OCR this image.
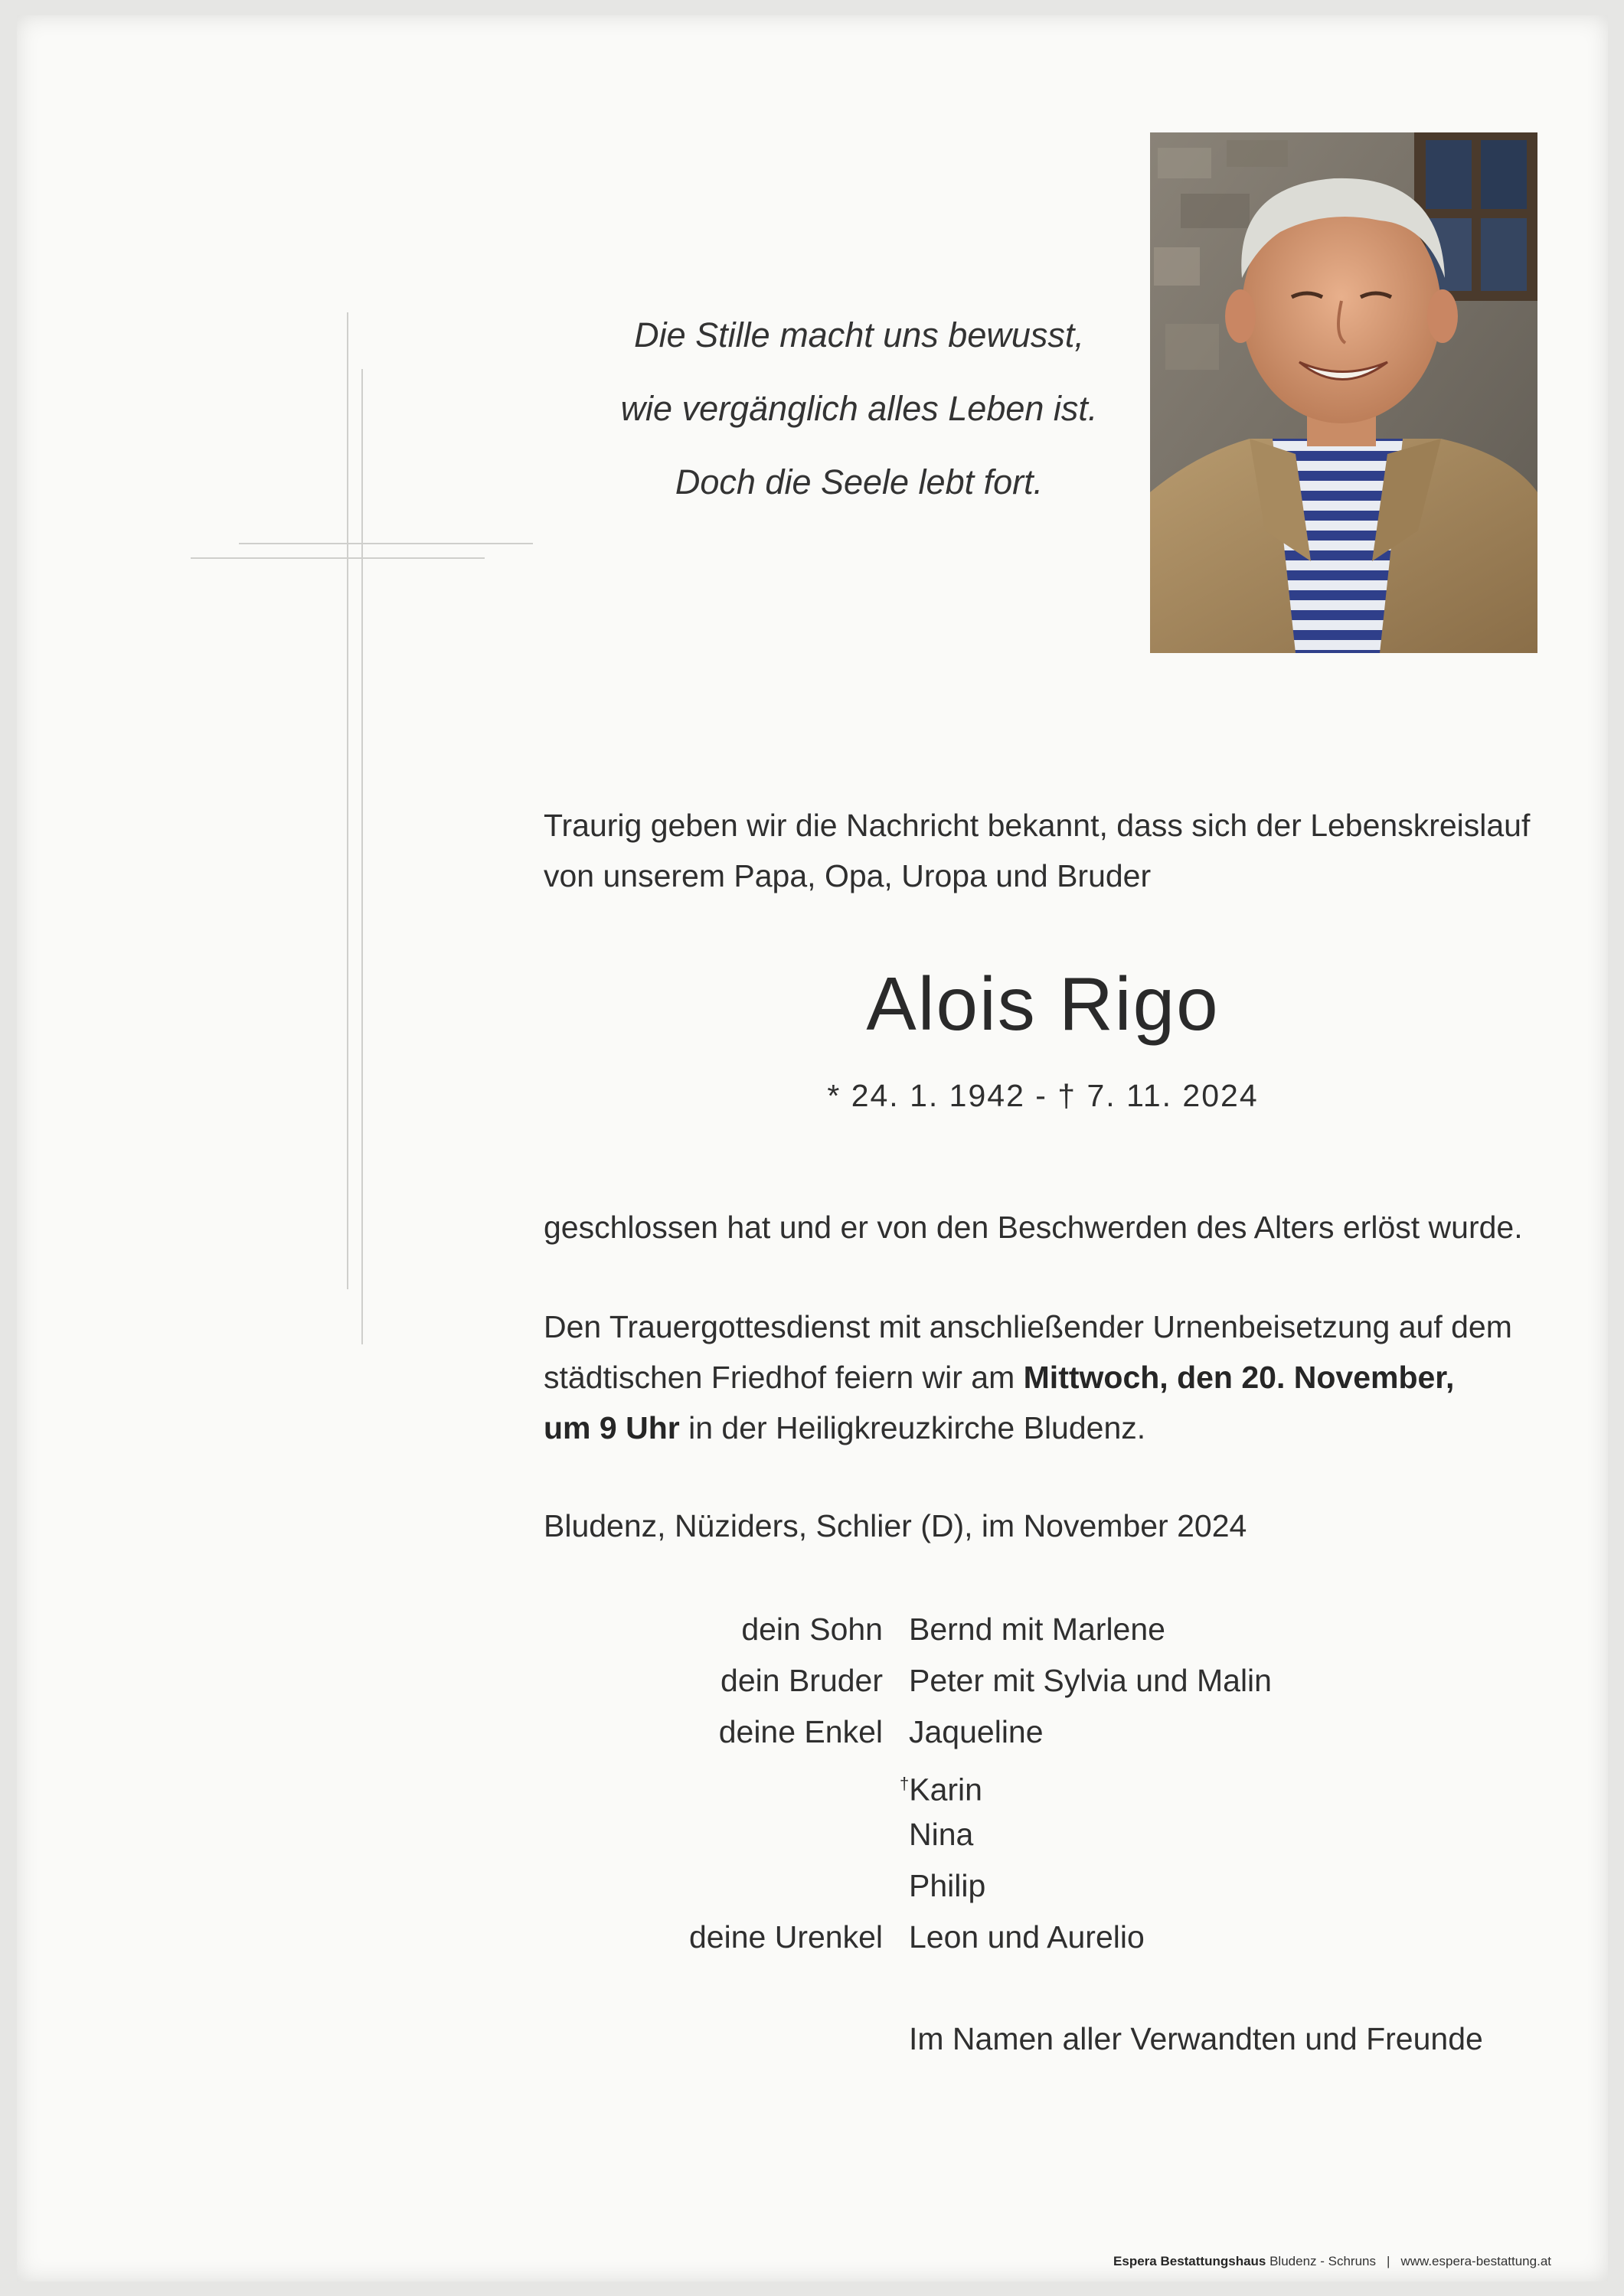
Die Stille macht uns bewusst,
wie vergänglich alles Leben ist.
Doch die Seele lebt fort.
Traurig geben wir die Nachricht bekannt, dass sich der Lebenskreislauf
von unserem Papa, Opa, Uropa und Bruder
Alois Rigo
* 24. 1. 1942 - † 7. 11. 2024
geschlossen hat und er von den Beschwerden des Alters erlöst wurde.
Den Trauergottesdienst mit anschließender Urnenbeisetzung auf dem
städtischen Friedhof feiern wir am Mittwoch, den 20. November,
um 9 Uhr in der Heiligkreuzkirche Bludenz.
Bludenz, Nüziders, Schlier (D), im November 2024
dein Sohn Bernd mit Marlene
dein Bruder Peter mit Sylvia und Malin
deine Enkel Jaqueline
†Karin
Nina
Philip
deine Urenkel Leon und Aurelio
Im Namen aller Verwandten und Freunde
Espera Bestattungshaus Bludenz - Schruns | www.espera-bestattung.at
